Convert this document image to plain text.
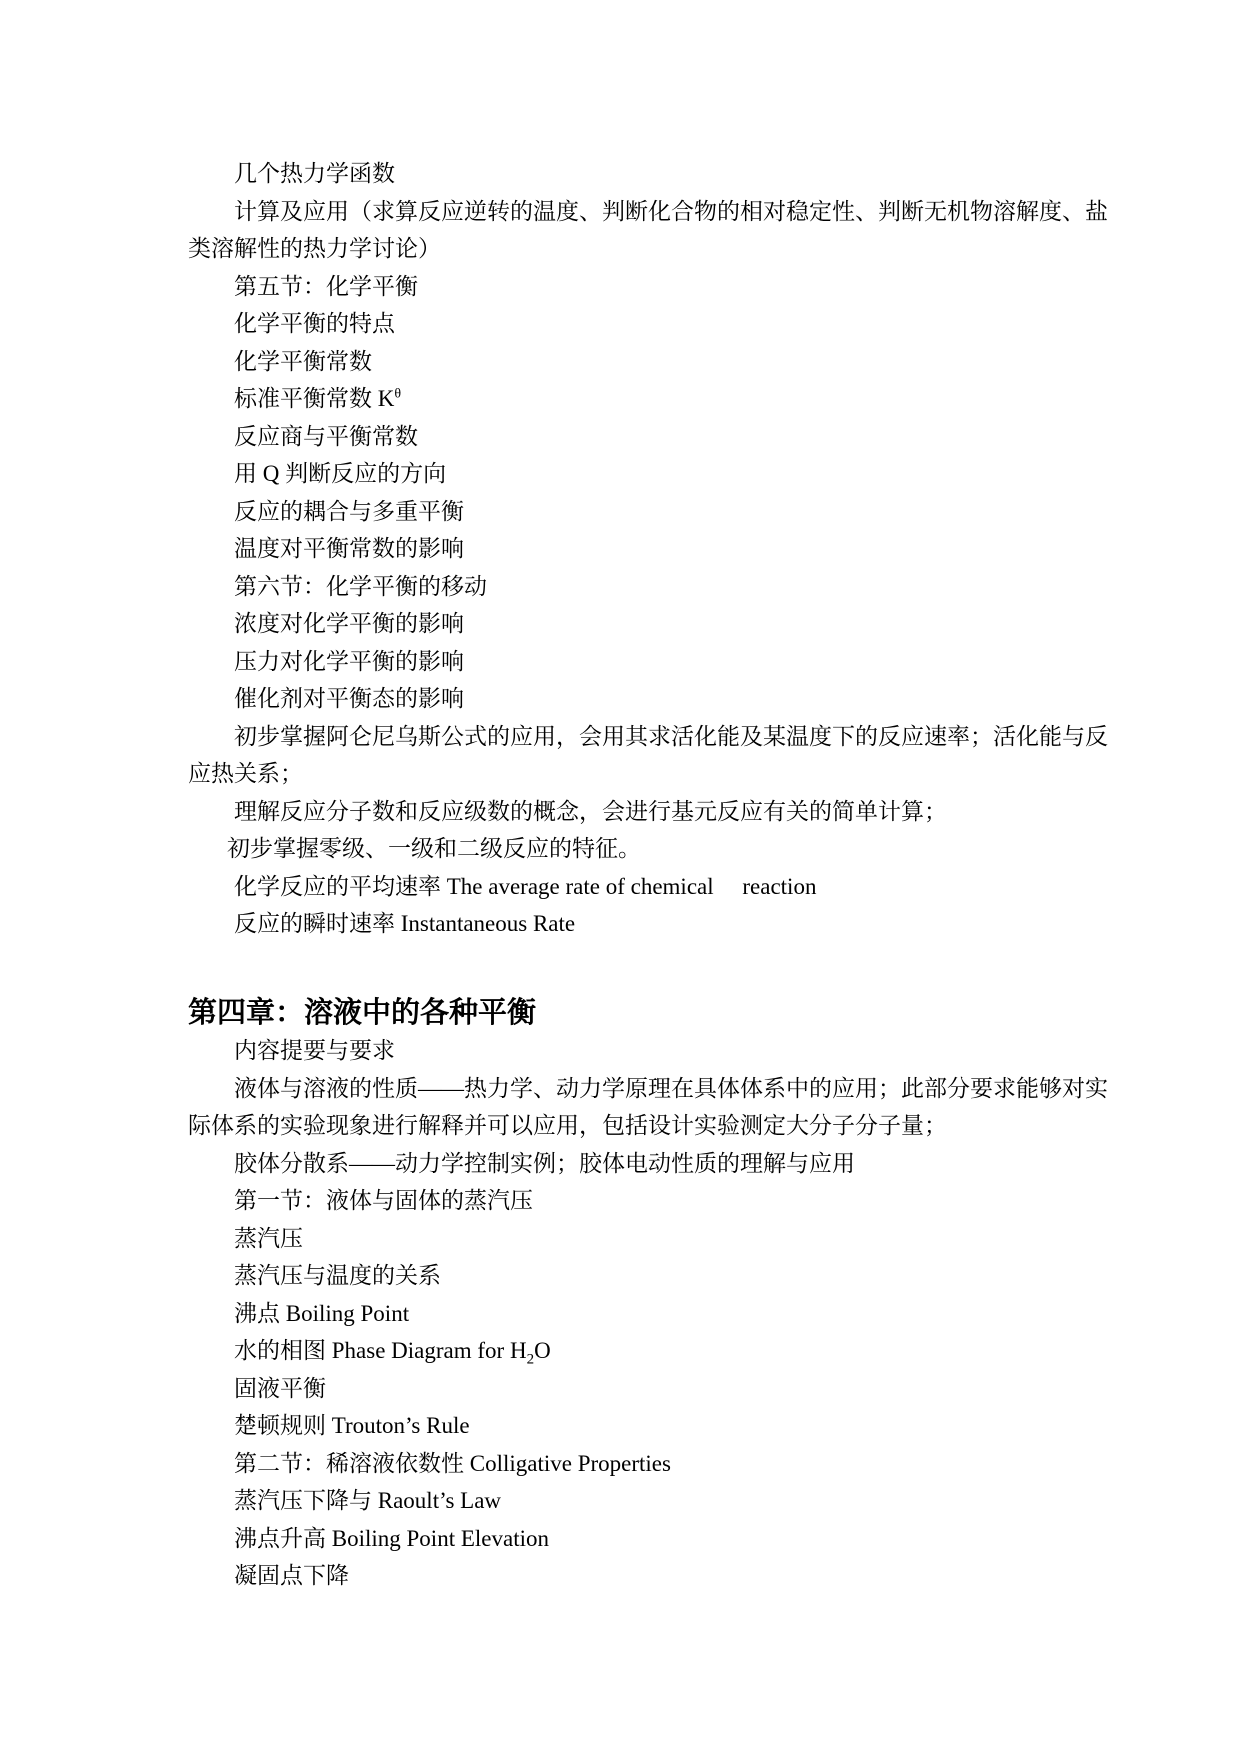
几个热力学函数

计算及应用（求算反应逆转的温度、判断化合物的相对稳定性、判断无机物溶解度、盐

类溶解性的热力学讨论）

第五节：化学平衡

化学平衡的特点

化学平衡常数

标准平衡常数 $K^\theta$

反应商与平衡常数

用 Q 判断反应的方向

反应的耦合与多重平衡

温度对平衡常数的影响

第六节：化学平衡的移动

浓度对化学平衡的影响

压力对化学平衡的影响

催化剂对平衡态的影响

初步掌握阿仑尼乌斯公式的应用，会用其求活化能及某温度下的反应速率；活化能与反

应热关系；

理解反应分子数和反应级数的概念，会进行基元反应有关的简单计算；

初步掌握零级、一级和二级反应的特征。

化学反应的平均速率 The average rate of chemical　 reaction

反应的瞬时速率 Instantaneous Rate

第四章：溶液中的各种平衡

内容提要与要求

液体与溶液的性质——热力学、动力学原理在具体体系中的应用；此部分要求能够对实

际体系的实验现象进行解释并可以应用，包括设计实验测定大分子分子量；

胶体分散系——动力学控制实例；胶体电动性质的理解与应用

第一节：液体与固体的蒸汽压

蒸汽压

蒸汽压与温度的关系

沸点 Boiling Point

水的相图 Phase Diagram for $H_2O$

固液平衡

楚顿规则 Trouton’s Rule

第二节：稀溶液依数性 Colligative Properties

蒸汽压下降与 Raoult’s Law

沸点升高 Boiling Point Elevation

凝固点下降
